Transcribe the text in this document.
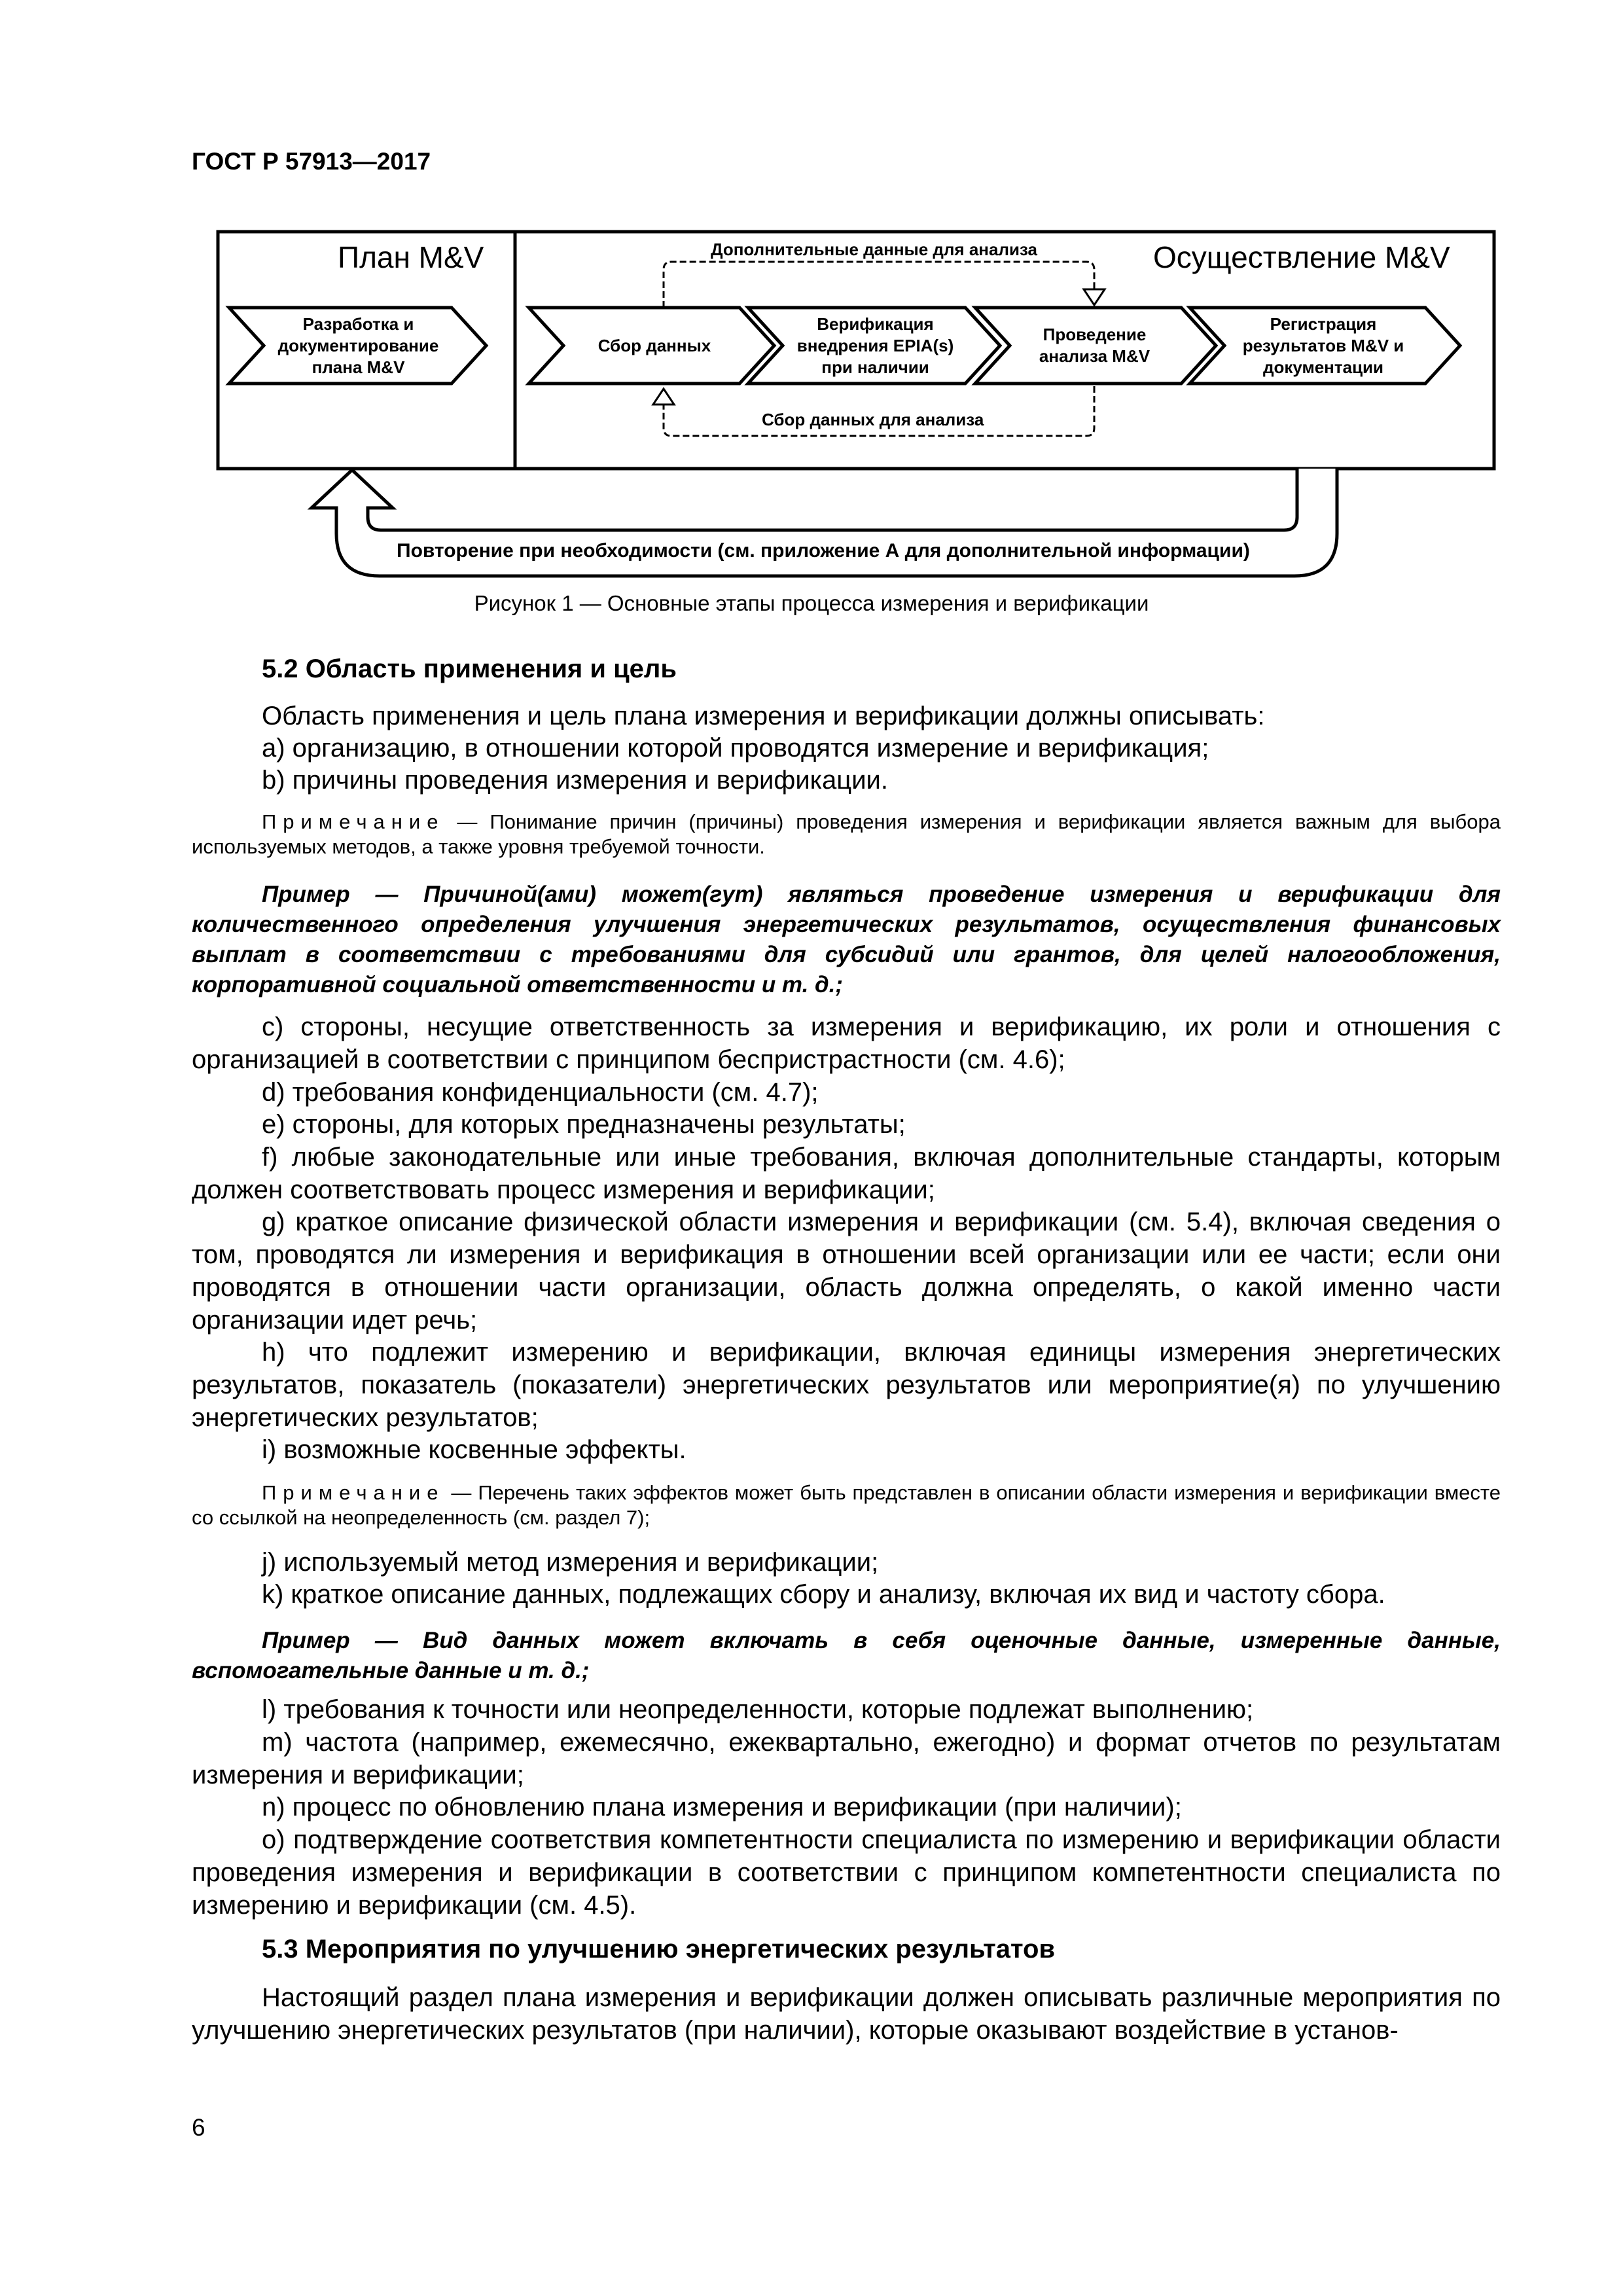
ГОСТ Р 57913—2017
План M&V	Осуществление M&V
Разработка и документирование плана M&V
Сбор данных
Верификация внедрения EPIA(s) при наличии
Проведение анализа M&V
Регистрация результатов M&V и документации
Дополнительные данные для анализа
Сбор данных для анализа
Повторение при необходимости (см. приложение А для дополнительной информации)
Рисунок 1 — Основные этапы процесса измерения и верификации
5.2 Область применения и цель
Область применения и цель плана измерения и верификации должны описывать:
а) организацию, в отношении которой проводятся измерение и верификация;
b) причины проведения измерения и верификации.
Примечание — Понимание причин (причины) проведения измерения и верификации является важным для выбора используемых методов, а также уровня требуемой точности.
Пример — Причиной(ами) может(гут) являться проведение измерения и верификации для количественного определения улучшения энергетических результатов, осуществления финансовых выплат в соответствии с требованиями для субсидий или грантов, для целей налогообложения, корпоративной социальной ответственности и т. д.;
с) стороны, несущие ответственность за измерения и верификацию, их роли и отношения с организацией в соответствии с принципом беспристрастности (см. 4.6);
d) требования конфиденциальности (см. 4.7);
е) стороны, для которых предназначены результаты;
f) любые законодательные или иные требования, включая дополнительные стандарты, которым должен соответствовать процесс измерения и верификации;
g) краткое описание физической области измерения и верификации (см. 5.4), включая сведения о том, проводятся ли измерения и верификация в отношении всей организации или ее части; если они проводятся в отношении части организации, область должна определять, о какой именно части организации идет речь;
h) что подлежит измерению и верификации, включая единицы измерения энергетических результатов, показатель (показатели) энергетических результатов или мероприятие(я) по улучшению энергетических результатов;
i) возможные косвенные эффекты.
Примечание — Перечень таких эффектов может быть представлен в описании области измерения и верификации вместе со ссылкой на неопределенность (см. раздел 7);
j) используемый метод измерения и верификации;
k) краткое описание данных, подлежащих сбору и анализу, включая их вид и частоту сбора.
Пример — Вид данных может включать в себя оценочные данные, измеренные данные, вспомогательные данные и т. д.;
l) требования к точности или неопределенности, которые подлежат выполнению;
m) частота (например, ежемесячно, ежеквартально, ежегодно) и формат отчетов по результатам измерения и верификации;
n) процесс по обновлению плана измерения и верификации (при наличии);
о) подтверждение соответствия компетентности специалиста по измерению и верификации области проведения измерения и верификации в соответствии с принципом компетентности специалиста по измерению и верификации (см. 4.5).
5.3 Мероприятия по улучшению энергетических результатов
Настоящий раздел плана измерения и верификации должен описывать различные мероприятия по улучшению энергетических результатов (при наличии), которые оказывают воздействие в установ-
6
